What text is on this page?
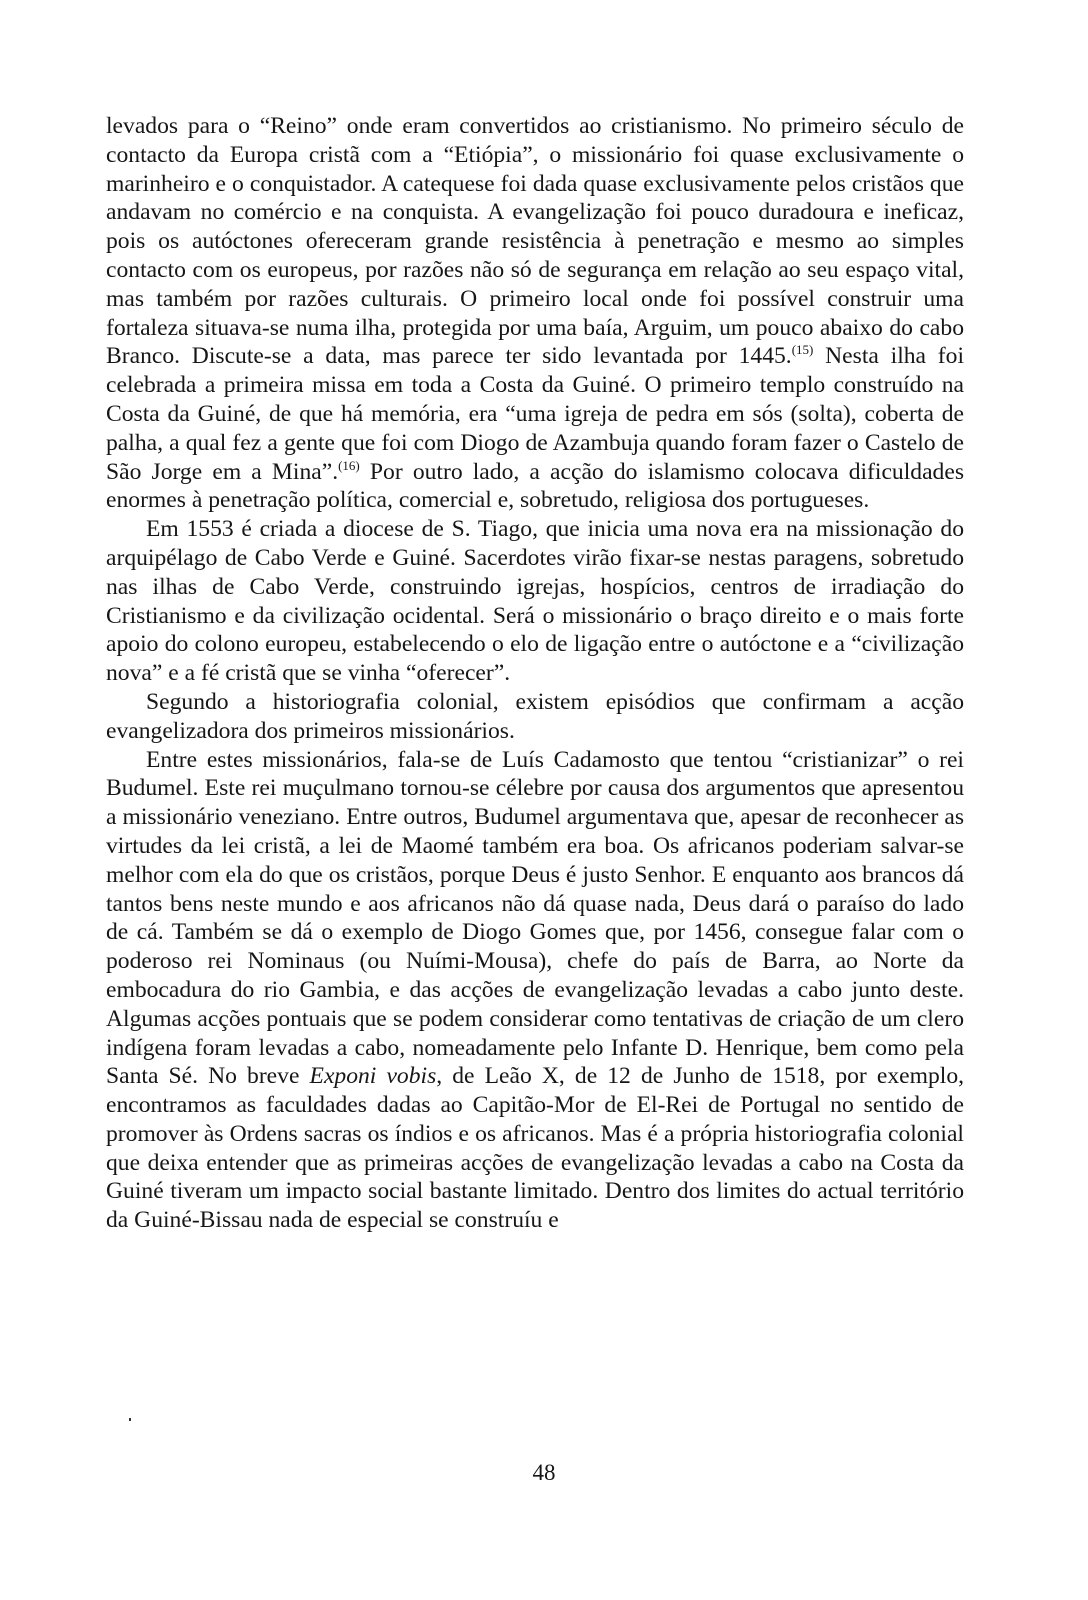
levados para o “Reino” onde eram convertidos ao cristianismo. No primeiro século de contacto da Europa cristã com a “Etiópia”, o missionário foi quase exclusivamente o marinheiro e o conquistador. A catequese foi dada quase exclusivamente pelos cristãos que andavam no comércio e na conquista. A evangelização foi pouco duradoura e ineficaz, pois os autóctones ofereceram grande resistência à penetração e mesmo ao simples contacto com os europeus, por razões não só de segurança em relação ao seu espaço vital, mas também por razões culturais. O primeiro local onde foi possível construir uma fortaleza situava-se numa ilha, protegida por uma baía, Arguim, um pouco abaixo do cabo Branco. Discute-se a data, mas parece ter sido levantada por 1445.$^{(15)}$ Nesta ilha foi celebrada a primeira missa em toda a Costa da Guiné. O primeiro templo construído na Costa da Guiné, de que há memória, era “uma igreja de pedra em sós (solta), coberta de palha, a qual fez a gente que foi com Diogo de Azambuja quando foram fazer o Castelo de São Jorge em a Mina”.$^{(16)}$ Por outro lado, a acção do islamismo colocava dificuldades enormes à penetração política, comercial e, sobretudo, religiosa dos portugueses.

Em 1553 é criada a diocese de S. Tiago, que inicia uma nova era na missionação do arquipélago de Cabo Verde e Guiné. Sacerdotes virão fixar-se nestas paragens, sobretudo nas ilhas de Cabo Verde, construindo igrejas, hospícios, centros de irradiação do Cristianismo e da civilização ocidental. Será o missionário o braço direito e o mais forte apoio do colono europeu, estabelecendo o elo de ligação entre o autóctone e a “civilização nova” e a fé cristã que se vinha “oferecer”.

Segundo a historiografia colonial, existem episódios que confirmam a acção evangelizadora dos primeiros missionários.

Entre estes missionários, fala-se de Luís Cadamosto que tentou “cristianizar” o rei Budumel. Este rei muçulmano tornou-se célebre por causa dos argumentos que apresentou a missionário veneziano. Entre outros, Budumel argumentava que, apesar de reconhecer as virtudes da lei cristã, a lei de Maomé também era boa. Os africanos poderiam salvar-se melhor com ela do que os cristãos, porque Deus é justo Senhor. E enquanto aos brancos dá tantos bens neste mundo e aos africanos não dá quase nada, Deus dará o paraíso do lado de cá. Também se dá o exemplo de Diogo Gomes que, por 1456, consegue falar com o poderoso rei Nominaus (ou Nuími-Mousa), chefe do país de Barra, ao Norte da embocadura do rio Gambia, e das acções de evangelização levadas a cabo junto deste. Algumas acções pontuais que se podem considerar como tentativas de criação de um clero indígena foram levadas a cabo, nomeadamente pelo Infante D. Henrique, bem como pela Santa Sé. No breve Exponi vobis, de Leão X, de 12 de Junho de 1518, por exemplo, encontramos as faculdades dadas ao Capitão-Mor de El-Rei de Portugal no sentido de promover às Ordens sacras os índios e os africanos. Mas é a própria historiografia colonial que deixa entender que as primeiras acções de evangelização levadas a cabo na Costa da Guiné tiveram um impacto social bastante limitado. Dentro dos limites do actual território da Guiné-Bissau nada de especial se construíu e

48
